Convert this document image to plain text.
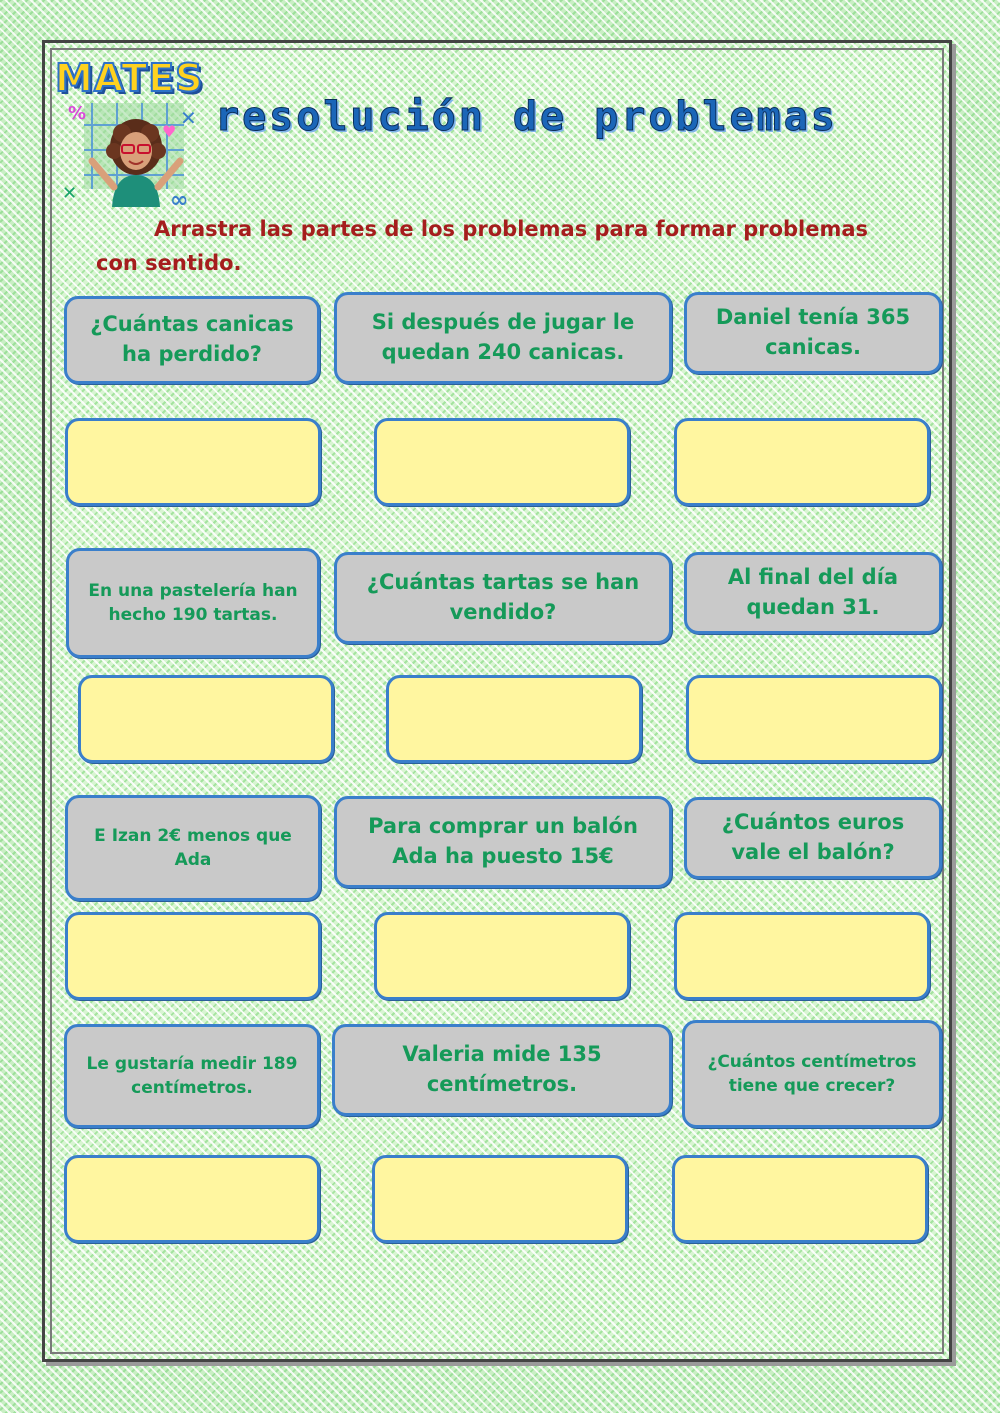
MATES
%	✕
✕	∞
♥ resolución de problemas
Arrastra las partes de los problemas para formar problemas con sentido.
¿Cuántas canicas ha perdido?
Si después de jugar le quedan 240 canicas.
Daniel tenía 365 canicas.
En una pastelería han hecho 190 tartas.
¿Cuántas tartas se han vendido?
Al final del día quedan 31.
E Izan 2€ menos que Ada
Para comprar un balón Ada ha puesto 15€
¿Cuántos euros vale el balón?
Le gustaría medir 189 centímetros.
Valeria mide 135 centímetros.
¿Cuántos centímetros tiene que crecer?
